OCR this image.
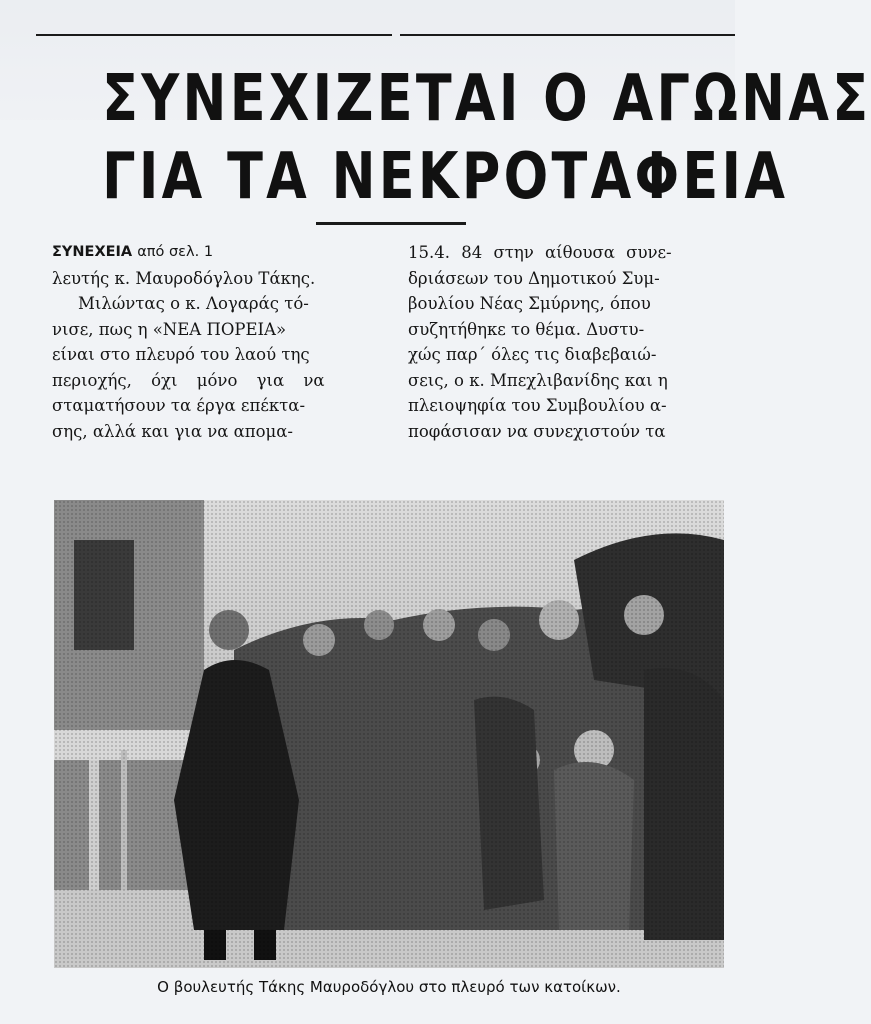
ΣΥΝΕΧΙΖΕΤΑΙ Ο ΑΓΩΝΑΣ
ΓΙΑ ΤΑ ΝΕΚΡΟΤΑΦΕΙΑ
ΣΥΝΕΧΕΙΑ από σελ. 1
λευτής κ. Μαυροδόγλου Τάκης.
Μιλώντας ο κ. Λογαράς τό-
νισε, πως η «ΝΕΑ ΠΟΡΕΙΑ»
είναι στο πλευρό του λαού της
περιοχής, όχι μόνο για να
σταματήσουν τα έργα επέκτα-
σης, αλλά και για να απομα-
15.4. 84 στην αίθουσα συνε-
δριάσεων του Δημοτικού Συμ-
βουλίου Νέας Σμύρνης, όπου
συζητήθηκε το θέμα. Δυστυ-
χώς παρ΄ όλες τις διαβεβαιώ-
σεις, ο κ. Μπεχλιβανίδης και η
πλειοψηφία του Συμβουλίου α-
ποφάσισαν να συνεχιστούν τα
Ο βουλευτής Τάκης Μαυροδόγλου στο πλευρό των κατοίκων.
